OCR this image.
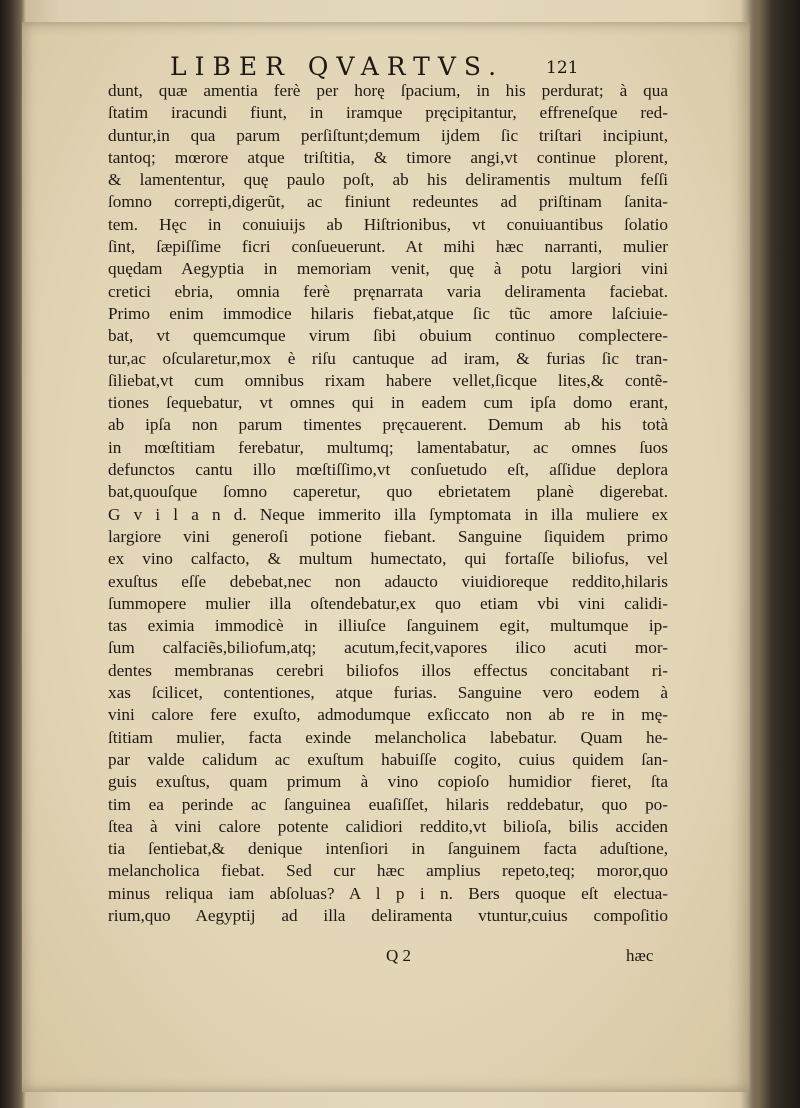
LIBER QVARTVS.	121
dunt, quæ amentia ferè per horę ſpacium, in his perdurat; à qua
ſtatim iracundi fiunt, in iramque pręcipitantur, effreneſque red-
duntur,in qua parum perſiſtunt;demum ijdem ſic triſtari incipiunt,
tantoq; mœrore atque triſtitia, & timore angi,vt continue plorent,
& lamententur, quę paulo poſt, ab his deliramentis multum feſſi
ſomno correpti,digerũt, ac finiunt redeuntes ad priſtinam ſanita-
tem. Hęc in conuiuijs ab Hiſtrionibus, vt conuiuantibus ſolatio
ſint, ſæpiſſime ficri conſueuerunt. At mihi hæc narranti, mulier
quędam Aegyptia in memoriam venit, quę à potu largiori vini
cretici ebria, omnia ferè pręnarrata varia deliramenta faciebat.
Primo enim immodice hilaris fiebat,atque ſic tũc amore laſciuie-
bat, vt quemcumque virum ſibi obuium continuo complectere-
tur,ac oſcularetur,mox è riſu cantuque ad iram, & furias ſic tran-
ſiliebat,vt cum omnibus rixam habere vellet,ſicque lites,& contẽ-
tiones ſequebatur, vt omnes qui in eadem cum ipſa domo erant,
ab ipſa non parum timentes pręcauerent. Demum ab his totà
in mœſtitiam ferebatur, multumq; lamentabatur, ac omnes ſuos
defunctos cantu illo mœſtiſſimo,vt conſuetudo eſt, aſſidue deplora
bat,quouſque ſomno caperetur, quo ebrietatem planè digerebat.
G v i l a n d. Neque immerito illa ſymptomata in illa muliere ex
largiore vini generoſi potione fiebant. Sanguine ſiquidem primo
ex vino calfacto, & multum humectato, qui fortaſſe biliofus, vel
exuſtus eſſe debebat,nec non adaucto viuidioreque reddito,hilaris
ſummopere mulier illa oſtendebatur,ex quo etiam vbi vini calidi-
tas eximia immodicè in illiuſce ſanguinem egit, multumque ip-
ſum calfaciẽs,biliofum,atq; acutum,fecit,vapores ilico acuti mor-
dentes membranas cerebri biliofos illos effectus concitabant ri-
xas ſcilicet, contentiones, atque furias. Sanguine vero eodem à
vini calore fere exuſto, admodumque exſiccato non ab re in mę-
ſtitiam mulier, facta exinde melancholica labebatur. Quam he-
par valde calidum ac exuſtum habuiſſe cogito, cuius quidem ſan-
guis exuſtus, quam primum à vino copioſo humidior fieret, ſta
tim ea perinde ac ſanguinea euaſiſſet, hilaris reddebatur, quo po-
ſtea à vini calore potente calidiori reddito,vt bilioſa, bilis acciden
tia ſentiebat,& denique intenſiori in ſanguinem facta aduſtione,
melancholica fiebat. Sed cur hæc amplius repeto,teq; moror,quo
minus reliqua iam abſoluas? A l p i n. Bers quoque eſt electua-
rium,quo Aegyptij ad illa deliramenta vtuntur,cuius compoſitio
Q 2	hæc
